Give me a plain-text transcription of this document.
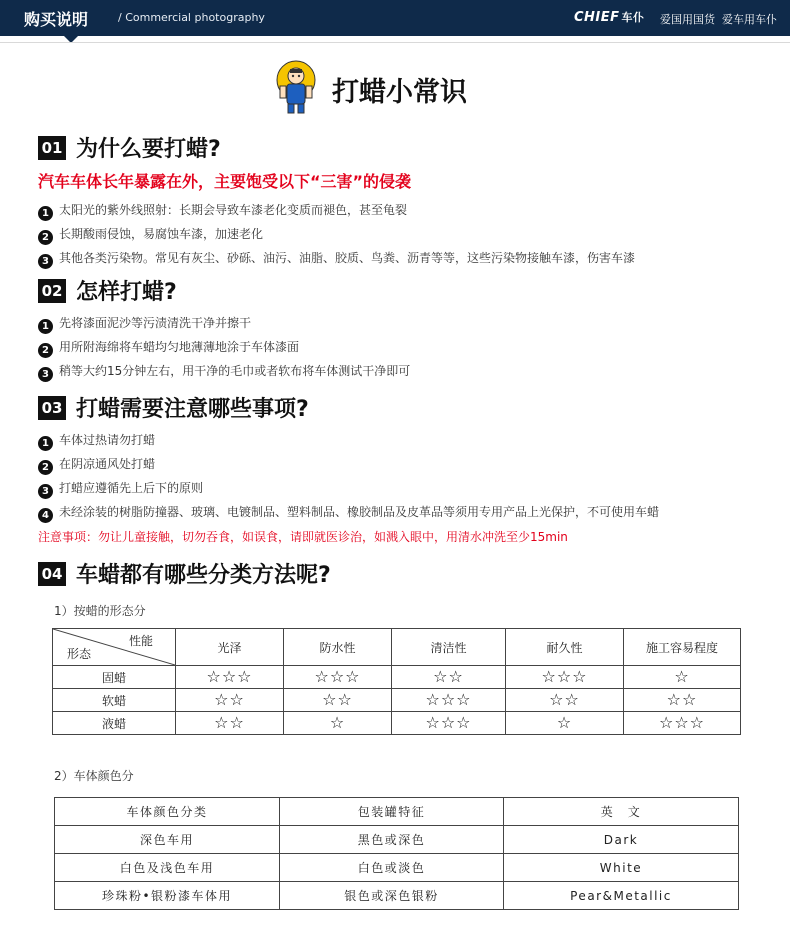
购买说明	/ Commercial photography	CHIEF 车仆 爱国用国货 爱车用车仆
打蜡小常识
01 为什么要打蜡?
汽车车体长年暴露在外，主要饱受以下“三害”的侵袭
1 太阳光的紫外线照射：长期会导致车漆老化变质而褪色，甚至龟裂
2 长期酸雨侵蚀，易腐蚀车漆，加速老化
3 其他各类污染物。常见有灰尘、砂砾、油污、油脂、胶质、鸟粪、沥青等等，这些污染物接触车漆，伤害车漆
02 怎样打蜡?
1 先将漆面泥沙等污渍清洗干净并擦干
2 用所附海绵将车蜡均匀地薄薄地涂于车体漆面
3 稍等大约15分钟左右，用干净的毛巾或者软布将车体测试干净即可
03 打蜡需要注意哪些事项?
1 车体过热请勿打蜡
2 在阴凉通风处打蜡
3 打蜡应遵循先上后下的原则
4 未经涂装的树脂防撞器、玻璃、电镀制品、塑料制品、橡胶制品及皮革品等须用专用产品上光保护，不可使用车蜡
注意事项：勿让儿童接触，切勿吞食，如误食，请即就医诊治，如溅入眼中，用清水冲洗至少15min
04 车蜡都有哪些分类方法呢?
1）按蜡的形态分
性能
形态	光泽	防水性	清洁性	耐久性	施工容易程度
固蜡	☆☆☆	☆☆☆	☆☆	☆☆☆	☆
软蜡	☆☆	☆☆	☆☆☆	☆☆	☆☆
液蜡	☆☆	☆	☆☆☆	☆	☆☆☆
2）车体颜色分
车体颜色分类	包装罐特征	英　文
深色车用	黑色或深色	Dark
白色及浅色车用	白色或淡色	White
珍珠粉•银粉漆车体用	银色或深色银粉	Pear&Metallic
